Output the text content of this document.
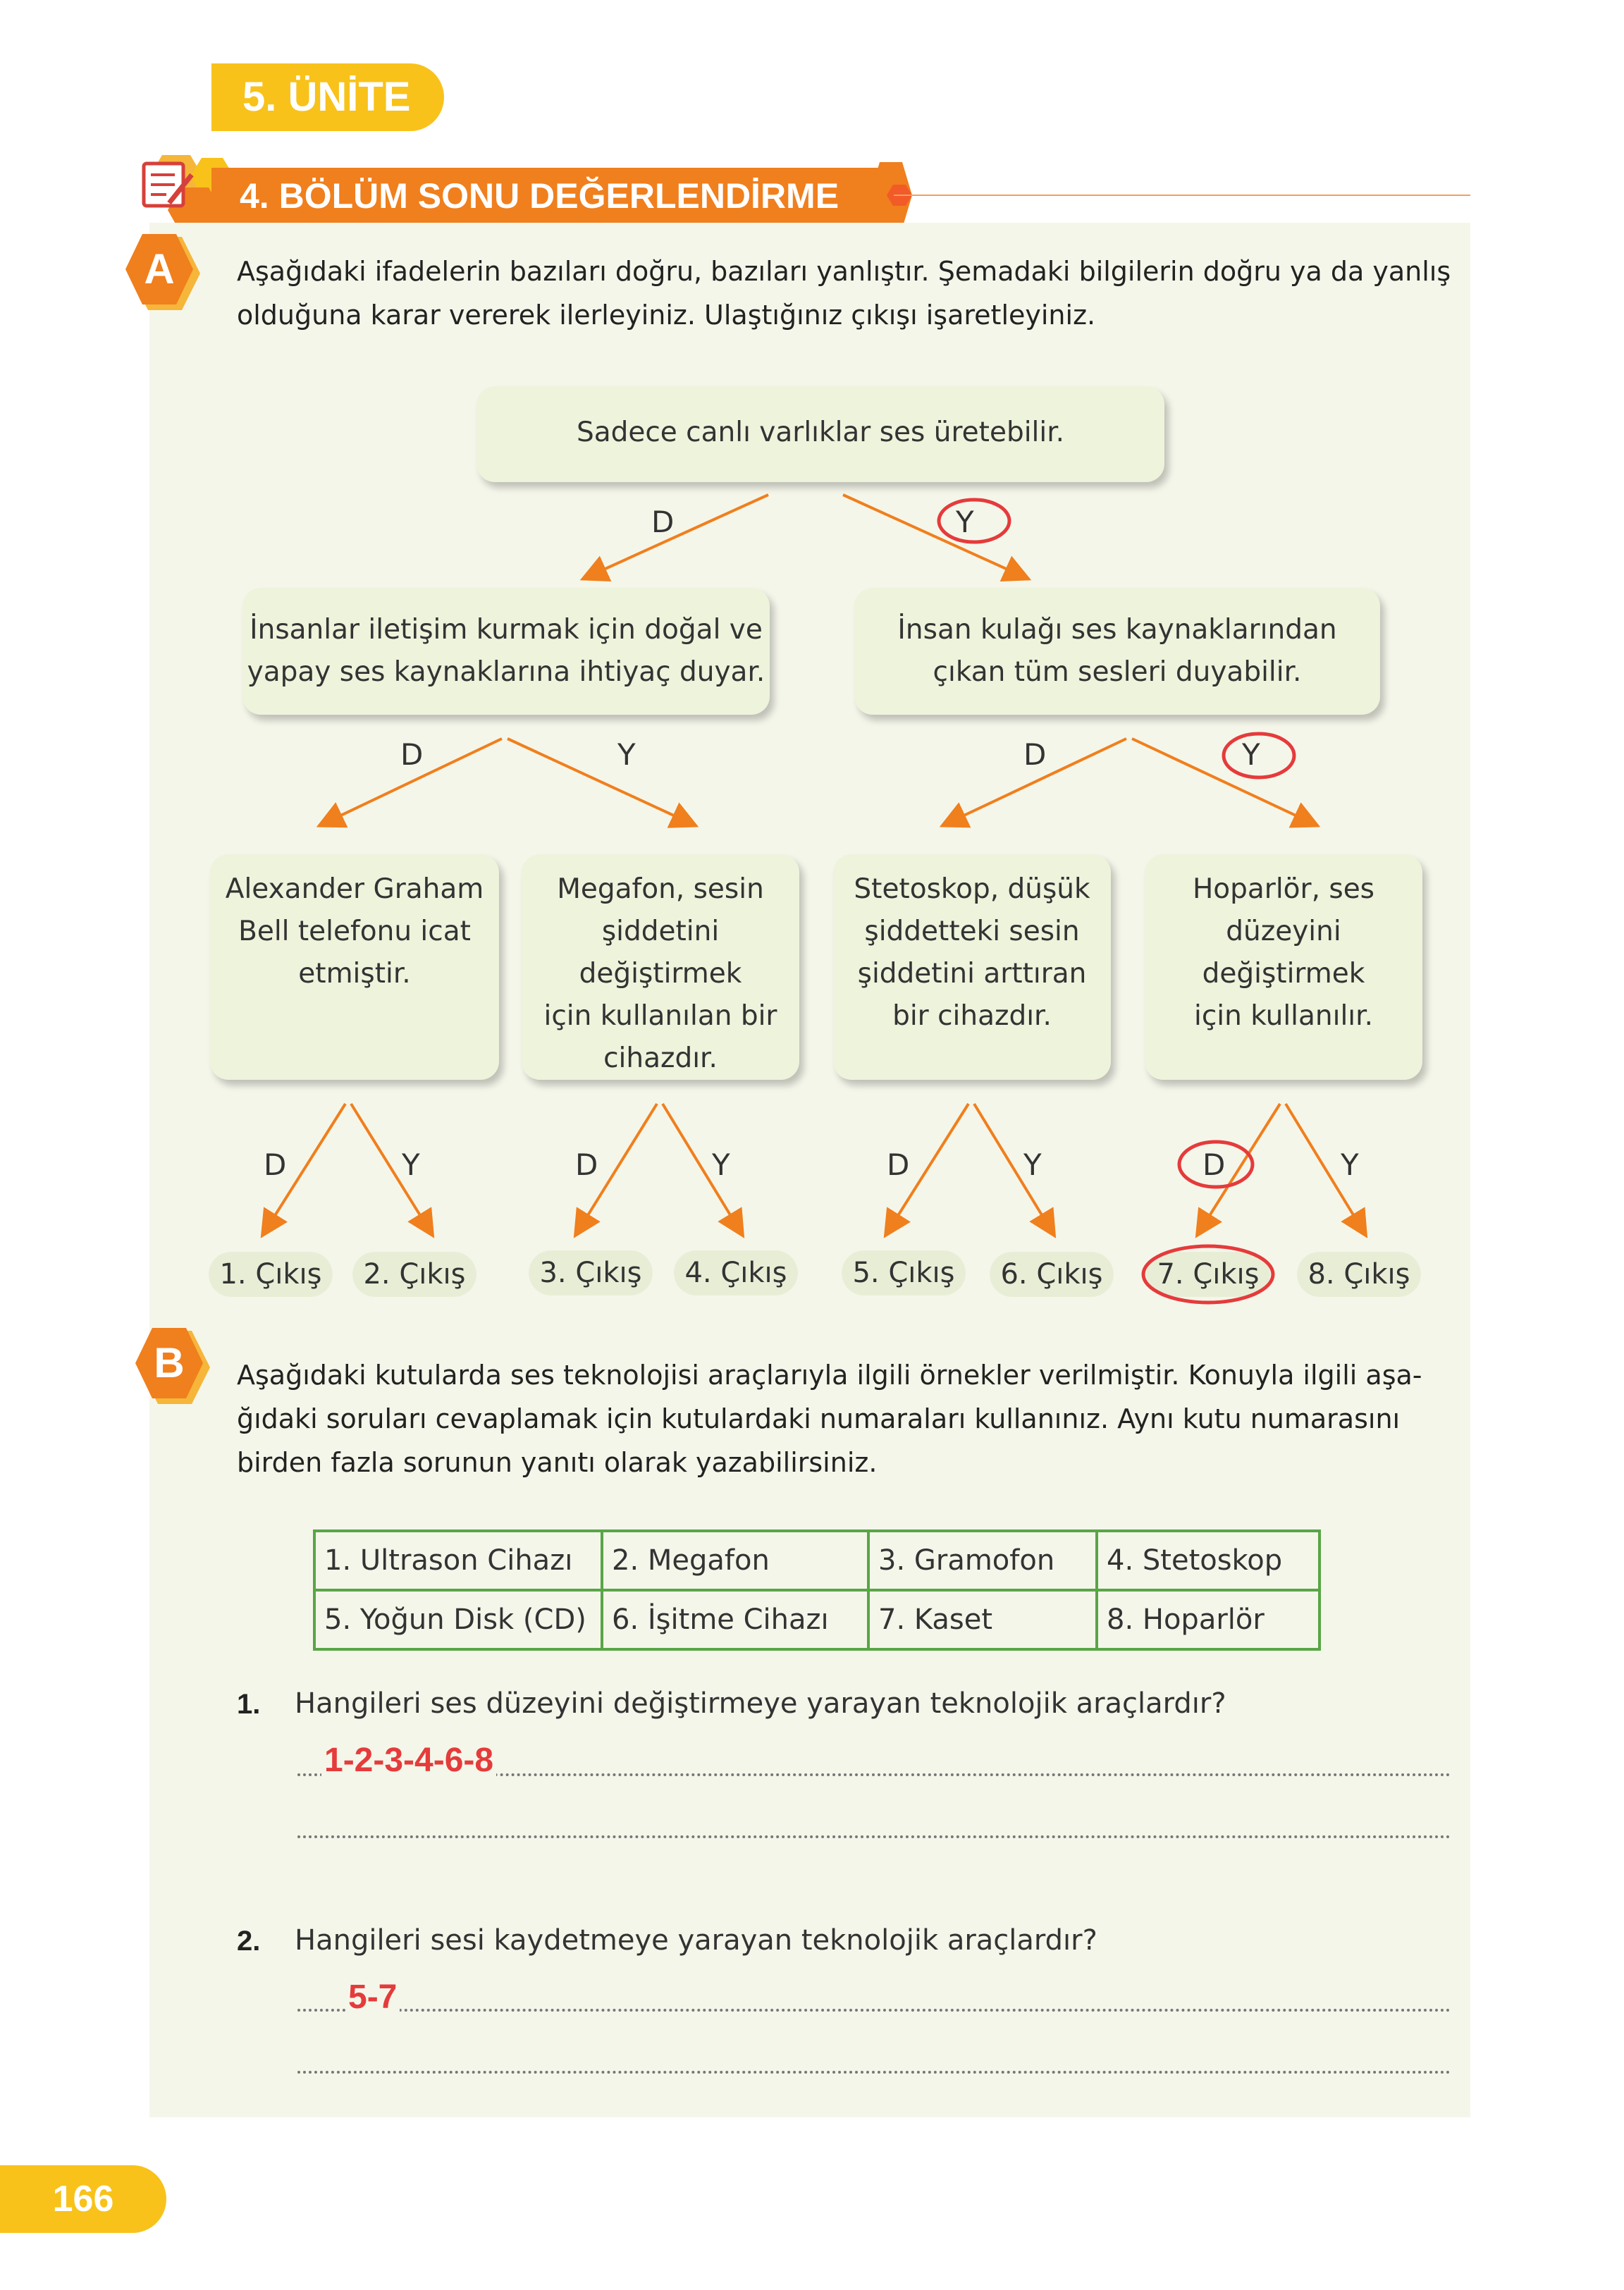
5. ÜNİTE
4. BÖLÜM SONU DEĞERLENDİRME
A	Aşağıdaki ifadelerin bazıları doğru, bazıları yanlıştır. Şemadaki bilgilerin doğru ya da yanlış
olduğuna karar vererek ilerleyiniz. Ulaştığınız çıkışı işaretleyiniz.
Sadece canlı varlıklar ses üretebilir.
D	Y
İnsanlar iletişim kurmak için doğal ve
yapay ses kaynaklarına ihtiyaç duyar.
İnsan kulağı ses kaynaklarından
çıkan tüm sesleri duyabilir.
D	Y	D	Y
Alexander Graham
Bell telefonu icat
etmiştir.
Megafon, sesin
şiddetini değiştirmek
için kullanılan bir
cihazdır.
Stetoskop, düşük
şiddetteki sesin
şiddetini arttıran
bir cihazdır.
Hoparlör, ses
düzeyini değiştirmek
için kullanılır.
D	Y	D	Y	D	Y	D	Y
1. Çıkış	2. Çıkış	3. Çıkış	4. Çıkış	5. Çıkış	6. Çıkış	7. Çıkış	8. Çıkış
B	Aşağıdaki kutularda ses teknolojisi araçlarıyla ilgili örnekler verilmiştir. Konuyla ilgili aşa-
ğıdaki soruları cevaplamak için kutulardaki numaraları kullanınız. Aynı kutu numarasını
birden fazla sorunun yanıtı olarak yazabilirsiniz.
1. Ultrason Cihazı	2. Megafon	3. Gramofon	4. Stetoskop
5. Yoğun Disk (CD)	6. İşitme Cihazı	7. Kaset	8. Hoparlör
1. Hangileri ses düzeyini değiştirmeye yarayan teknolojik araçlardır?
1-2-3-4-6-8
2. Hangileri sesi kaydetmeye yarayan teknolojik araçlardır?
5-7
166
